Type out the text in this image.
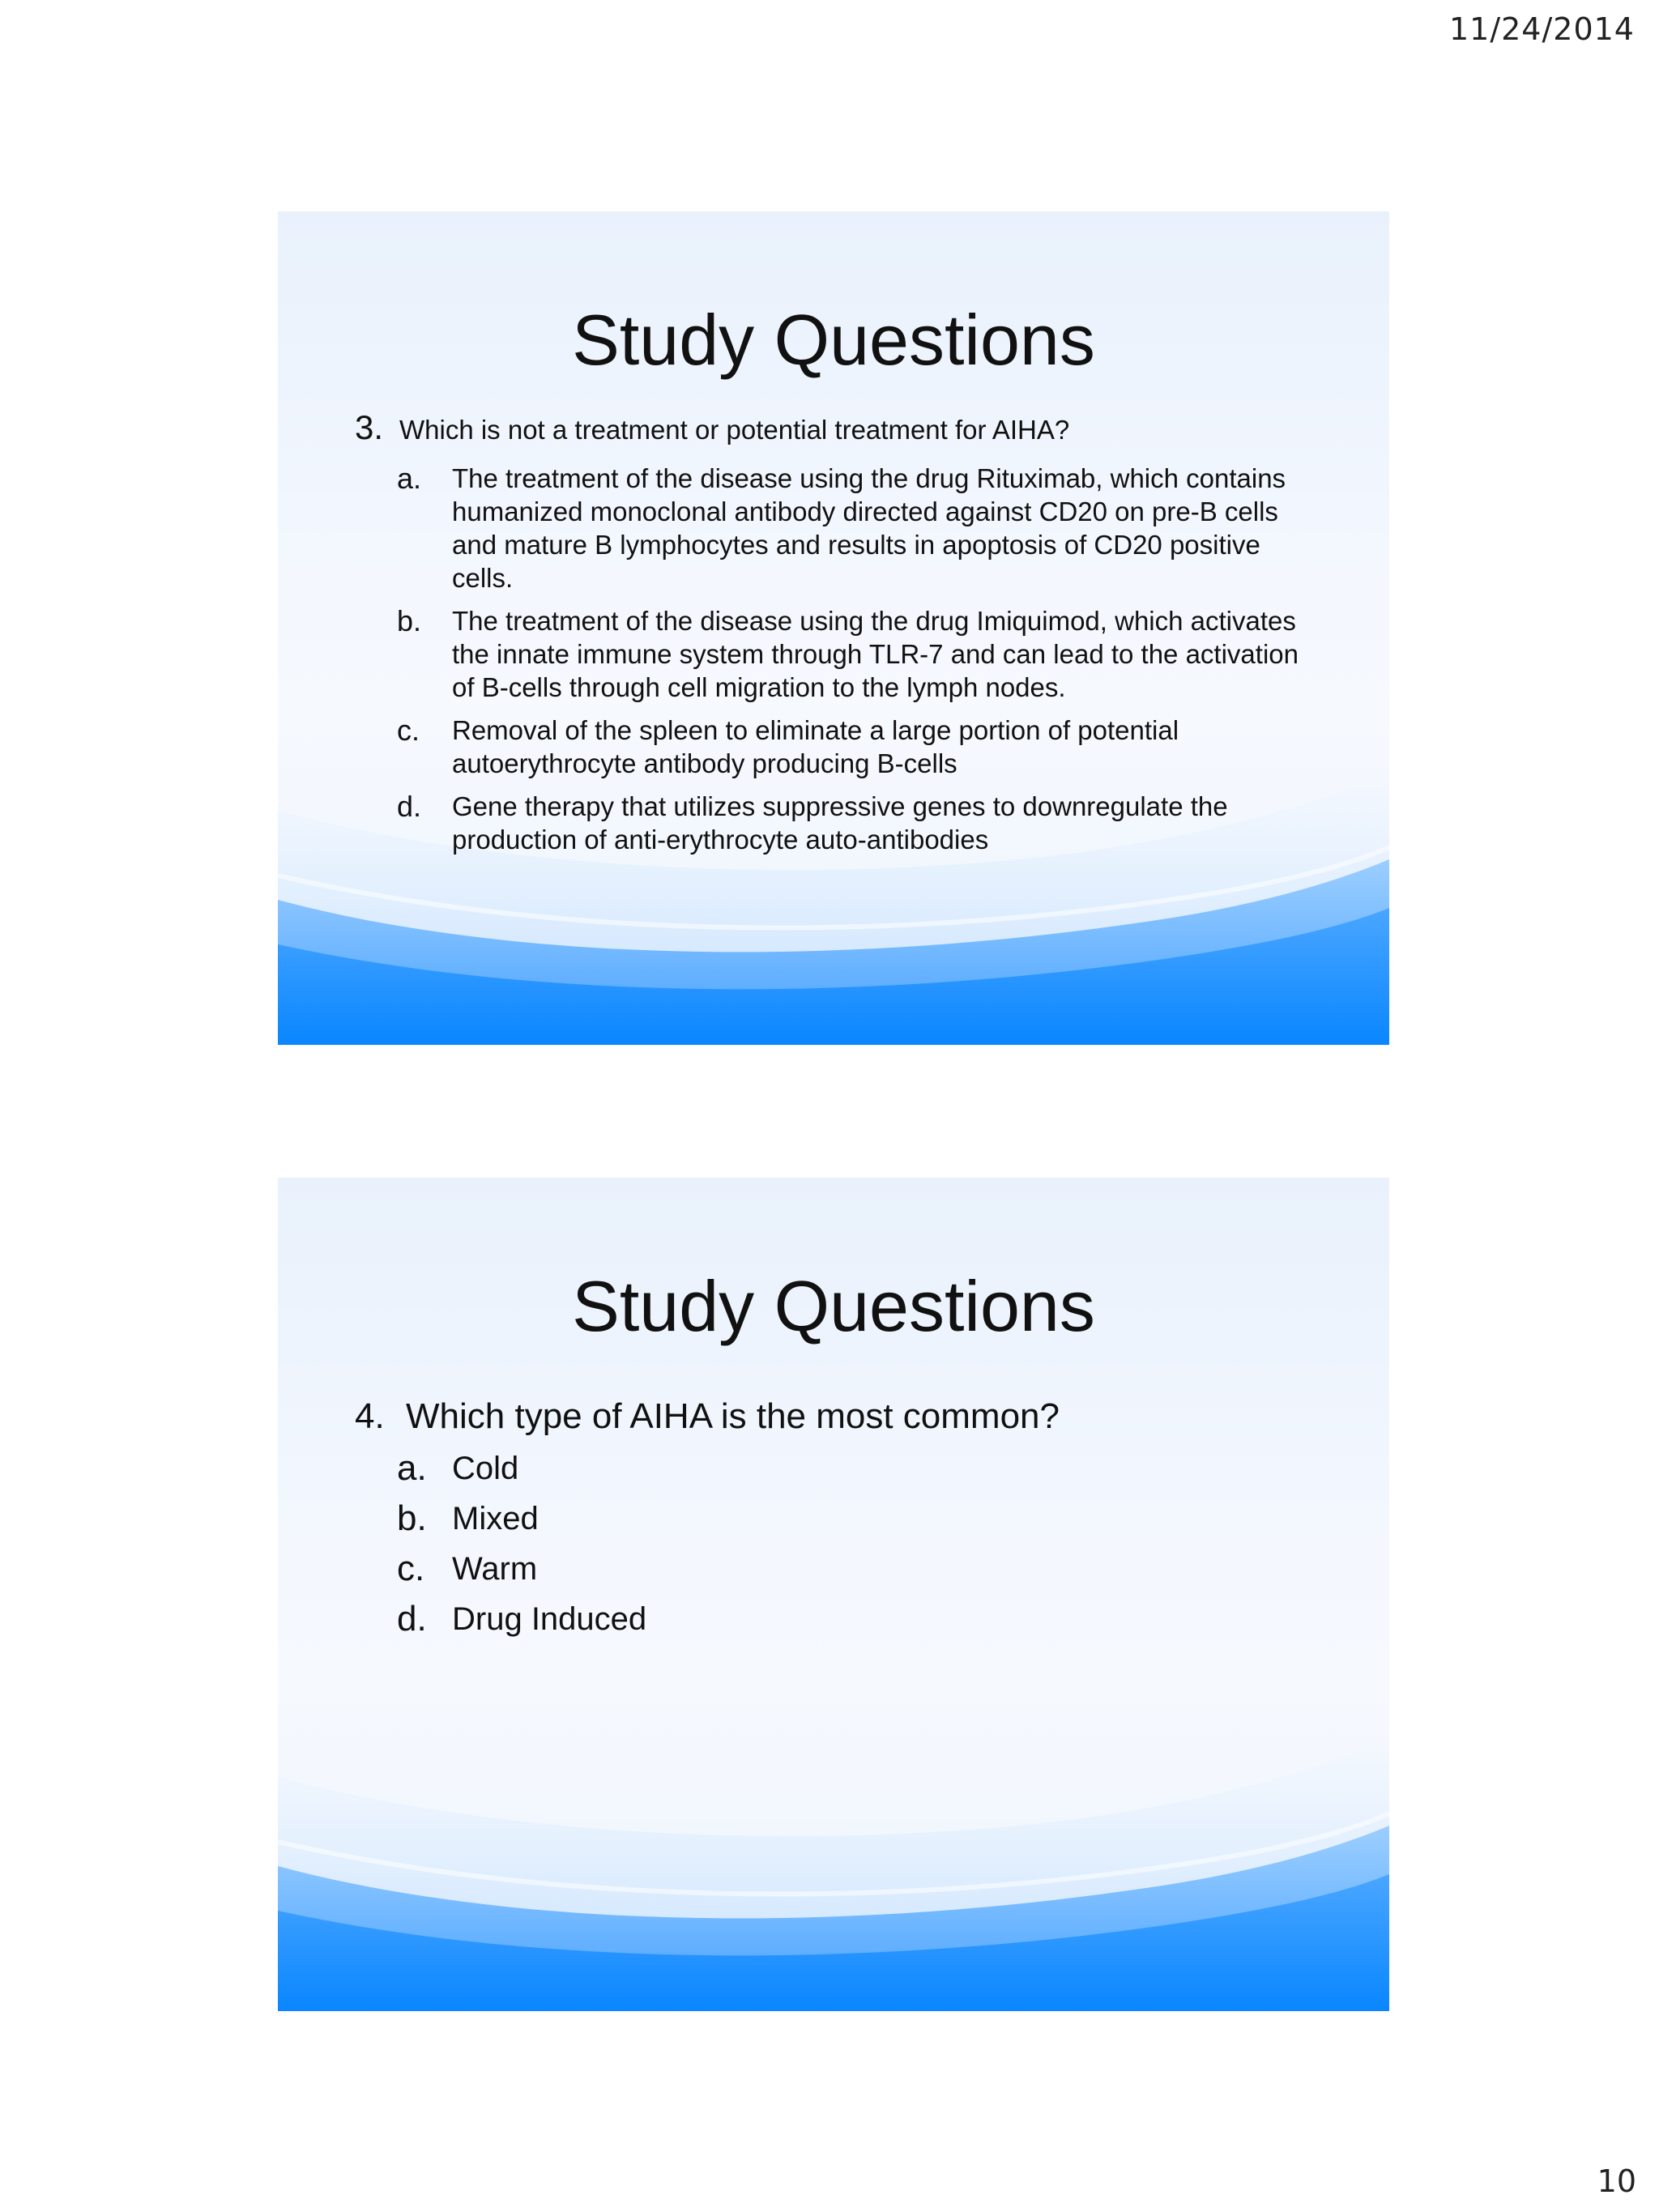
11/24/2014
Study Questions
3. Which is not a treatment or potential treatment for AIHA?
a.	The treatment of the disease using the drug Rituximab, which contains humanized monoclonal antibody directed against CD20 on pre-B cells and mature B lymphocytes and results in apoptosis of CD20 positive cells.
b.	The treatment of the disease using the drug Imiquimod, which activates the innate immune system through TLR-7 and can lead to the activation of B-cells through cell migration to the lymph nodes.
c.	Removal of the spleen to eliminate a large portion of potential autoerythrocyte antibody producing B-cells
d.	Gene therapy that utilizes suppressive genes to downregulate the production of anti-erythrocyte auto-antibodies
Study Questions
4. Which type of AIHA is the most common?
a. Cold
b. Mixed
c. Warm
d. Drug Induced
10
